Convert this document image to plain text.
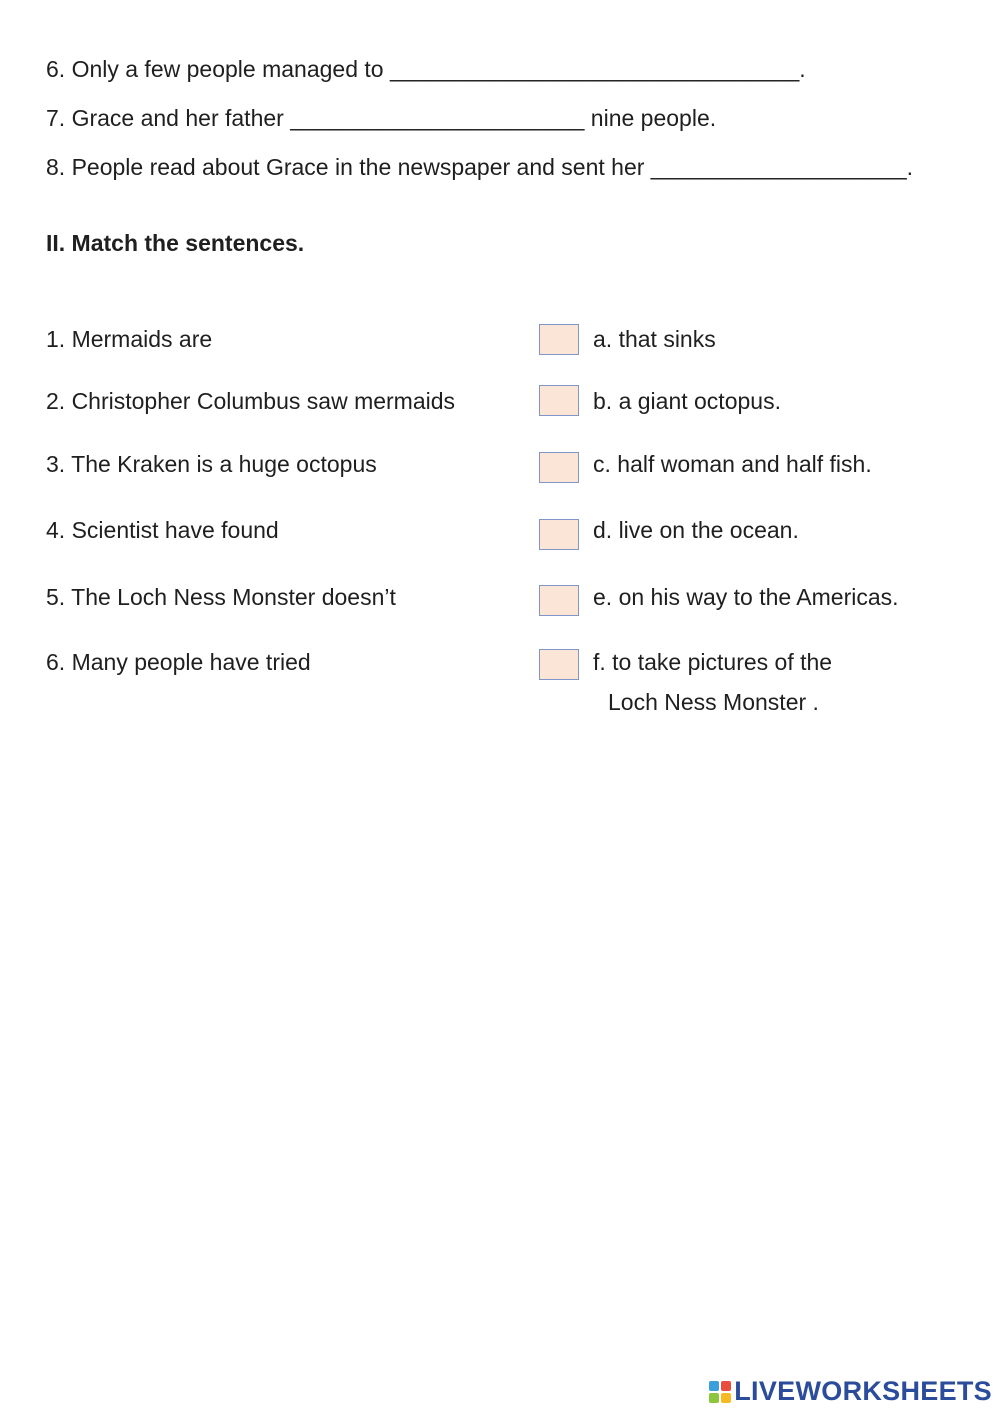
6. Only a few people managed to ________________________________.
7. Grace and her father _______________________ nine people.
8. People read about Grace in the newspaper and sent her ____________________.
II. Match the sentences.
1. Mermaids are	a. that sinks
2. Christopher Columbus saw mermaids	b. a giant octopus.
3. The Kraken is a huge octopus	c. half woman and half fish.
4. Scientist have found	d. live on the ocean.
5. The Loch Ness Monster doesn’t	e. on his way to the Americas.
6. Many people have tried	f. to take pictures of the
Loch Ness Monster .
LIVEWORKSHEETS
